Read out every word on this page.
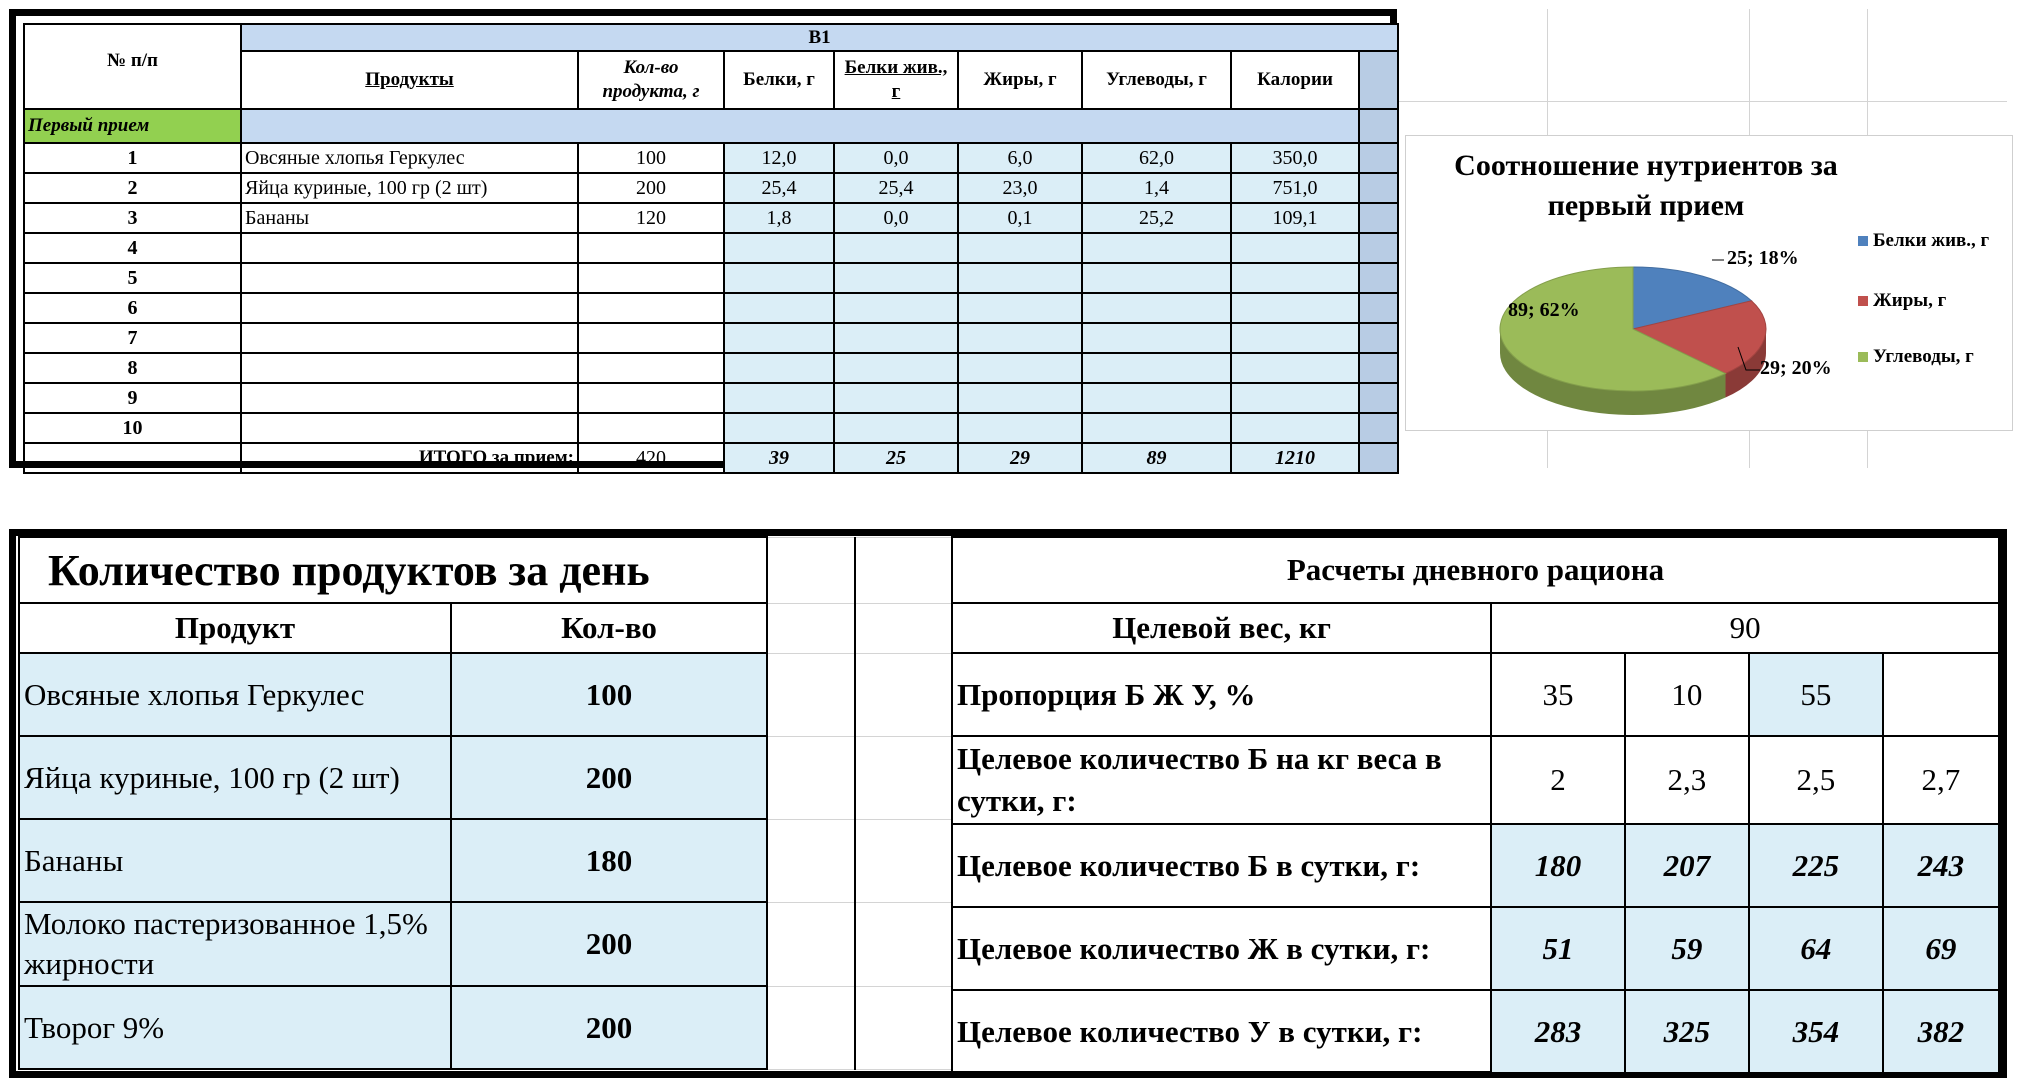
№ п/п	В1							
	Продукты	Кол-во продукта, г	Белки, г	Белки жив., г	Жиры, г	Углеводы, г	Калории	
Первый прием								
1	Овсяные хлопья Геркулес	100	12,0	0,0	6,0	62,0	350,0	
2	Яйца куриные, 100 гр (2 шт)	200	25,4	25,4	23,0	1,4	751,0	
3	Бананы	120	1,8	0,0	0,1	25,2	109,1	
4								
5								
6								
7								
8								
9								
10								
	ИТОГО за прием:	420	39	25	29	89	1210	
Соотношение нутриентов за первый прием
25; 18%
29; 20%
89; 62%
Белки жив., г
Жиры, г
Углеводы, г
Количество продуктов за день			
Продукт	Кол-во		
Овсяные хлопья Геркулес	100		
Яйца куриные, 100 гр (2 шт)	200		
Бананы	180		
Молоко пастеризованное 1,5% жирности	200		
Творог 9%	200		
Расчеты дневного рациона				
Целевой вес, кг	90			
Пропорция Б Ж У, %	35	10	55	
Целевое количество Б на кг веса в сутки, г:	2	2,3	2,5	2,7
Целевое количество Б в сутки, г:	180	207	225	243
Целевое количество Ж в сутки, г:	51	59	64	69
Целевое количество У в сутки, г:	283	325	354	382
